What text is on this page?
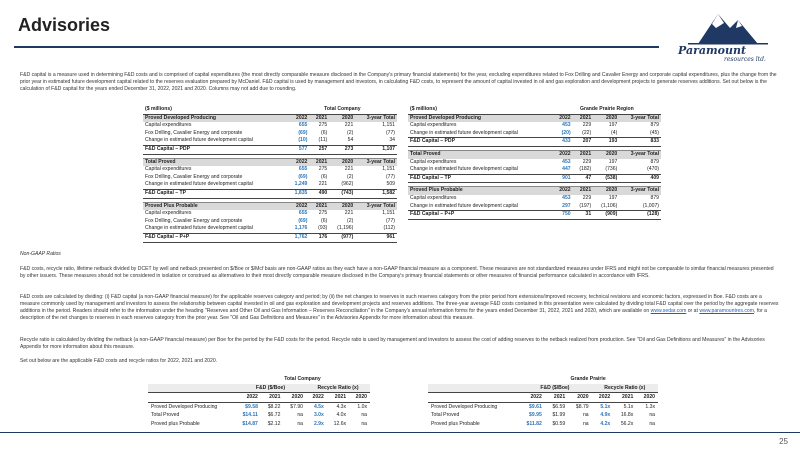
Advisories
Paramount
resources ltd.
F&D capital is a measure used in determining F&D costs and is comprised of capital expenditures (the most directly comparable measure disclosed in the Company's primary financial statements) for the year, excluding expenditures related to Fox Drilling and Cavalier Energy and corporate capital expenditures, plus the change from the prior year in estimated future development capital related to the reserves evaluation prepared by McDaniel. F&D capital is used by management and investors, in calculating F&D costs, to represent the amount of capital invested in oil and gas exploration and development projects to generate reserves additions. Set out below is the calculation of F&D capital for the years ended December 31, 2022, 2021 and 2020. Columns may not add due to rounding.
($ millions)	Total Company			
Proved Developed Producing	2022	2021	2020	3-year Total
Capital expenditures	655	275	221	1,151
Fox Drilling, Cavalier Energy and corporate	(69)	(6)	(2)	(77)
Change in estimated future development capital	(10)	(11)	54	34
F&D Capital – PDP	577	257	273	1,107

Total Proved	2022	2021	2020	3-year Total
Capital expenditures	655	275	221	1,151
Fox Drilling, Cavalier Energy and corporate	(69)	(6)	(2)	(77)
Change in estimated future development capital	1,249	221	(962)	509
F&D Capital – TP	1,835	490	(743)	1,582

Proved Plus Probable	2022	2021	2020	3-year Total
Capital expenditures	655	275	221	1,151
Fox Drilling, Cavalier Energy and corporate	(69)	(6)	(2)	(77)
Change in estimated future development capital	1,176	(93)	(1,196)	(112)
F&D Capital – P+P	1,762	176	(977)	961
($ millions)	Grande Prairie Region			
Proved Developed Producing	2022	2021	2020	3-year Total
Capital expenditures	453	229	197	879
Change in estimated future development capital	(20)	(22)	(4)	(45)
F&D Capital – PDP	433	207	193	833

Total Proved	2022	2021	2020	3-year Total
Capital expenditures	453	229	197	879
Change in estimated future development capital	447	(182)	(736)	(470)
F&D Capital – TP	901	47	(538)	409

Proved Plus Probable	2022	2021	2020	3-year Total
Capital expenditures	453	229	197	879
Change in estimated future development capital	297	(197)	(1,106)	(1,007)
F&D Capital – P+P	750	31	(909)	(128)
Non-GAAP Ratios
F&D costs, recycle ratio, lifetime netback divided by DCET by well and netback presented on $/Boe or $/Mcf basis are non-GAAP ratios as they each have a non-GAAP financial measure as a component. These measures are not standardized measures under IFRS and might not be comparable to similar financial measures presented by other issuers. These measures should not be considered in isolation or construed as alternatives to their most directly comparable measure disclosed in the Company's primary financial statements or other measures of financial performance calculated in accordance with IFRS.
F&D costs are calculated by dividing: (i) F&D capital (a non-GAAP financial measure) for the applicable reserves category and period; by (ii) the net changes to reserves in such reserves category from the prior period from extensions/improved recovery, technical revisions and economic factors, expressed in Boe. F&D costs are a measure commonly used by management and investors to assess the relationship between capital invested in oil and gas exploration and development projects and reserves additions. The three-year average F&D costs contained in this presentation were calculated by dividing total F&D capital over the period by the aggregate reserves additions in the period. Readers should refer to the information under the heading "Reserves and Other Oil and Gas Information – Reserves Reconciliation" in the Company's annual information forms for the years ended December 31, 2022, 2021 and 2020, which are available on www.sedar.com or at www.paramountres.com, for a description of the net changes to reserves in each reserves category from the prior year. See "Oil and Gas Definitions and Measures" in the Advisories Appendix for more information about this measure.
Recycle ratio is calculated by dividing the netback (a non-GAAP financial measure) per Boe for the period by the F&D costs for the period. Recycle ratio is used by management and investors to assess the cost of adding reserves to the netback realized from production. See "Oil and Gas Definitions and Measures" in the Advisories Appendix for more information about this measure.
Set out below are the applicable F&D costs and recycle ratios for 2022, 2021 and 2020.
	Total Company					
	F&D ($/Boe)			Recycle Ratio (x)		
	2022	2021	2020	2022	2021	2020
Proved Developed Producing	$9.58	$8.22	$7.90	4.5x	4.3x	1.0x
Total Proved	$14.11	$6.72	na	3.0x	4.0x	na
Proved plus Probable	$14.87	$2.12	na	2.9x	12.6x	na
	Grande Prairie					
	F&D ($/Boe)			Recycle Ratio (x)		
	2022	2021	2020	2022	2021	2020
Proved Developed Producing	$9.61	$6.59	$8.79	5.1x	5.1x	1.3x
Total Proved	$9.95	$1.99	na	4.9x	16.8x	na
Proved plus Probable	$11.82	$0.59	na	4.2x	56.2x	na
25
